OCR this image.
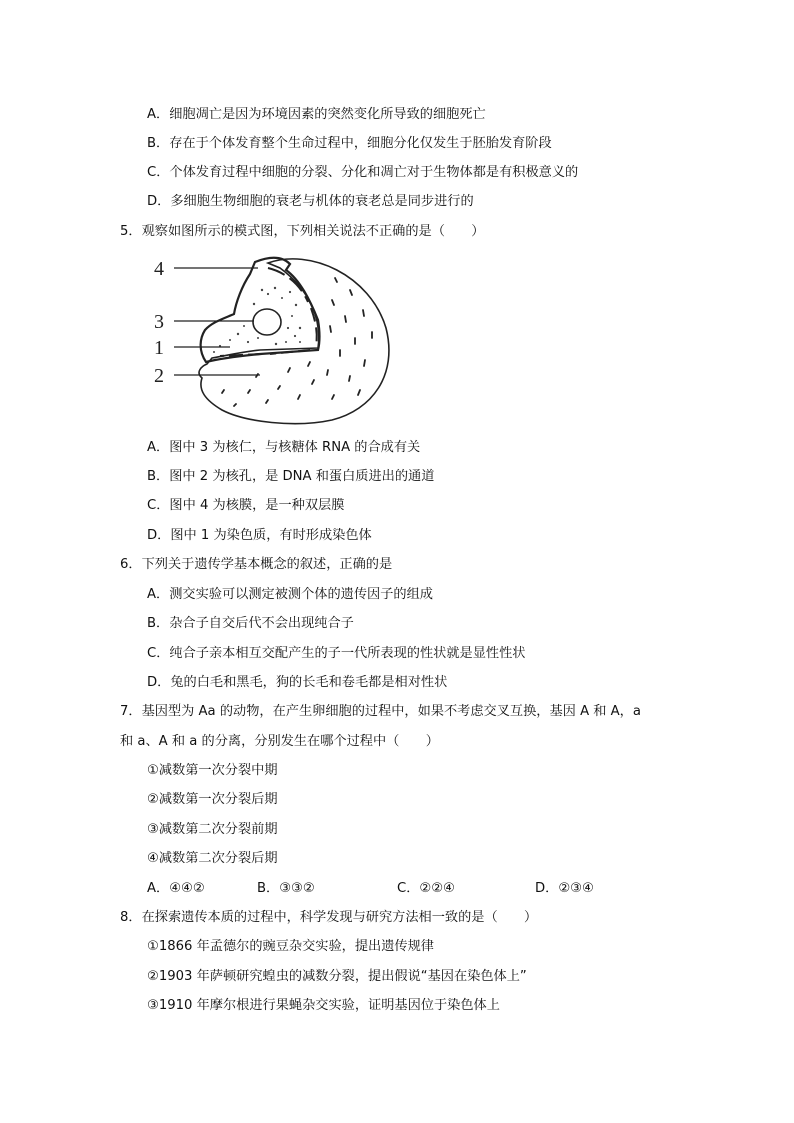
A．细胞凋亡是因为环境因素的突然变化所导致的细胞死亡
B．存在于个体发育整个生命过程中，细胞分化仅发生于胚胎发育阶段
C．个体发育过程中细胞的分裂、分化和凋亡对于生物体都是有积极意义的
D．多细胞生物细胞的衰老与机体的衰老总是同步进行的
5．观察如图所示的模式图，下列相关说法不正确的是（　　）
4
3
1
2
A．图中 3 为核仁，与核糖体 RNA 的合成有关
B．图中 2 为核孔，是 DNA 和蛋白质进出的通道
C．图中 4 为核膜，是一种双层膜
D．图中 1 为染色质，有时形成染色体
6．下列关于遗传学基本概念的叙述，正确的是
A．测交实验可以测定被测个体的遗传因子的组成
B．杂合子自交后代不会出现纯合子
C．纯合子亲本相互交配产生的子一代所表现的性状就是显性性状
D．兔的白毛和黑毛，狗的长毛和卷毛都是相对性状
7．基因型为 Aa 的动物，在产生卵细胞的过程中，如果不考虑交叉互换，基因 A 和 A，a
和 a、A 和 a 的分离，分别发生在哪个过程中（　　）
①减数第一次分裂中期
②减数第一次分裂后期
③减数第二次分裂前期
④减数第二次分裂后期
A．④④②	B．③③②	C．②②④	D．②③④
8．在探索遗传本质的过程中，科学发现与研究方法相一致的是（　　）
①1866 年孟德尔的豌豆杂交实验，提出遗传规律
②1903 年萨顿研究蝗虫的减数分裂，提出假说“基因在染色体上”
③1910 年摩尔根进行果蝇杂交实验，证明基因位于染色体上
